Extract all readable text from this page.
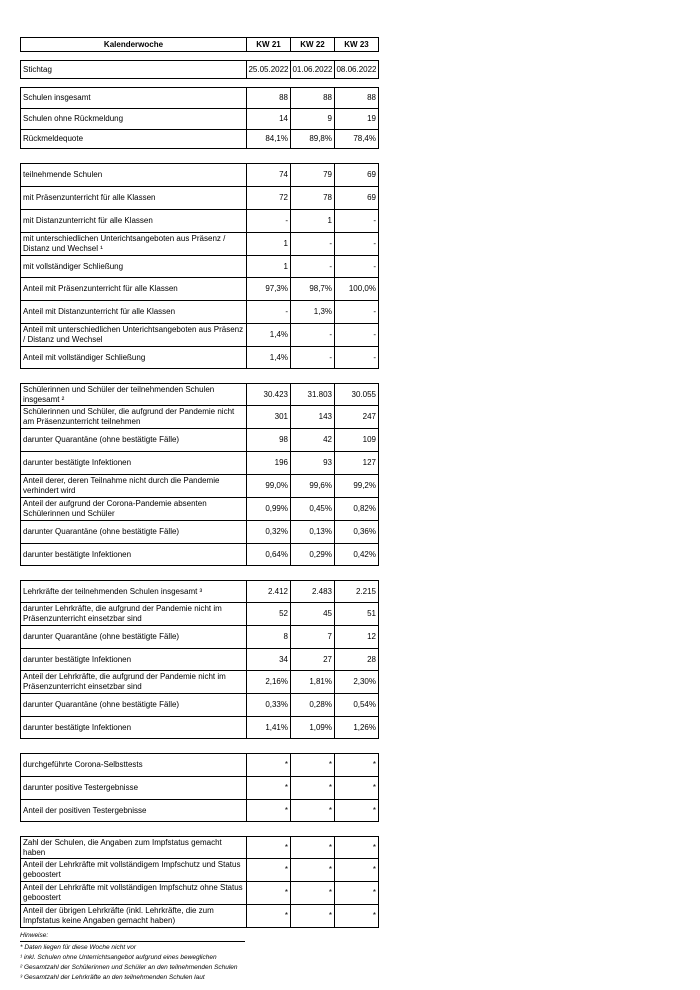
Kalenderwoche	KW 21	KW 22	KW 23
Stichtag	25.05.2022	01.06.2022	08.06.2022
Schulen insgesamt	88	88	88
Schulen ohne Rückmeldung	14	9	19
Rückmeldequote	84,1%	89,8%	78,4%
teilnehmende Schulen	74	79	69
mit Präsenzunterricht für alle Klassen	72	78	69
mit Distanzunterricht für alle Klassen	-	1	-
mit unterschiedlichen Unterichtsangeboten aus Präsenz / Distanz und Wechsel ¹	1	-	-
mit vollständiger Schließung	1	-	-
Anteil mit Präsenzunterricht für alle Klassen	97,3%	98,7%	100,0%
Anteil mit Distanzunterricht für alle Klassen	-	1,3%	-
Anteil mit unterschiedlichen Unterichtsangeboten aus Präsenz / Distanz und Wechsel	1,4%	-	-
Anteil mit vollständiger Schließung	1,4%	-	-
Schülerinnen und Schüler der teilnehmenden Schulen insgesamt ²	30.423	31.803	30.055
Schülerinnen und Schüler, die aufgrund der Pandemie nicht am Präsenzunterricht teilnehmen	301	143	247
darunter Quarantäne (ohne bestätigte Fälle)	98	42	109
darunter bestätigte Infektionen	196	93	127
Anteil derer, deren Teilnahme nicht durch die Pandemie verhindert wird	99,0%	99,6%	99,2%
Anteil der aufgrund der Corona-Pandemie absenten Schülerinnen und Schüler	0,99%	0,45%	0,82%
darunter Quarantäne (ohne bestätigte Fälle)	0,32%	0,13%	0,36%
darunter bestätigte Infektionen	0,64%	0,29%	0,42%
Lehrkräfte der teilnehmenden Schulen insgesamt ³	2.412	2.483	2.215
darunter Lehrkräfte, die aufgrund der Pandemie nicht im Präsenzunterricht einsetzbar sind	52	45	51
darunter Quarantäne (ohne bestätigte Fälle)	8	7	12
darunter bestätigte Infektionen	34	27	28
Anteil der Lehrkräfte, die aufgrund der Pandemie nicht im Präsenzunterricht einsetzbar sind	2,16%	1,81%	2,30%
darunter Quarantäne (ohne bestätigte Fälle)	0,33%	0,28%	0,54%
darunter bestätigte Infektionen	1,41%	1,09%	1,26%
durchgeführte Corona-Selbsttests	*	*	*
darunter positive Testergebnisse	*	*	*
Anteil der positiven Testergebnisse	*	*	*
Zahl der Schulen, die Angaben zum Impfstatus gemacht haben	*	*	*
Anteil der Lehrkräfte mit vollständigem Impfschutz und Status geboostert	*	*	*
Anteil der Lehrkräfte mit vollständigen Impfschutz ohne Status geboostert	*	*	*
Anteil der übrigen Lehrkräfte (inkl. Lehrkräfte, die zum Impfstatus keine Angaben gemacht haben)	*	*	*
Hinweise:
* Daten liegen für diese Woche nicht vor
¹ inkl. Schulen ohne Unterrichtsangebot aufgrund eines beweglichen
² Gesamtzahl der Schülerinnen und Schüler an den teilnehmenden Schulen
³ Gesamtzahl der Lehrkräfte an den teilnehmenden Schulen laut
